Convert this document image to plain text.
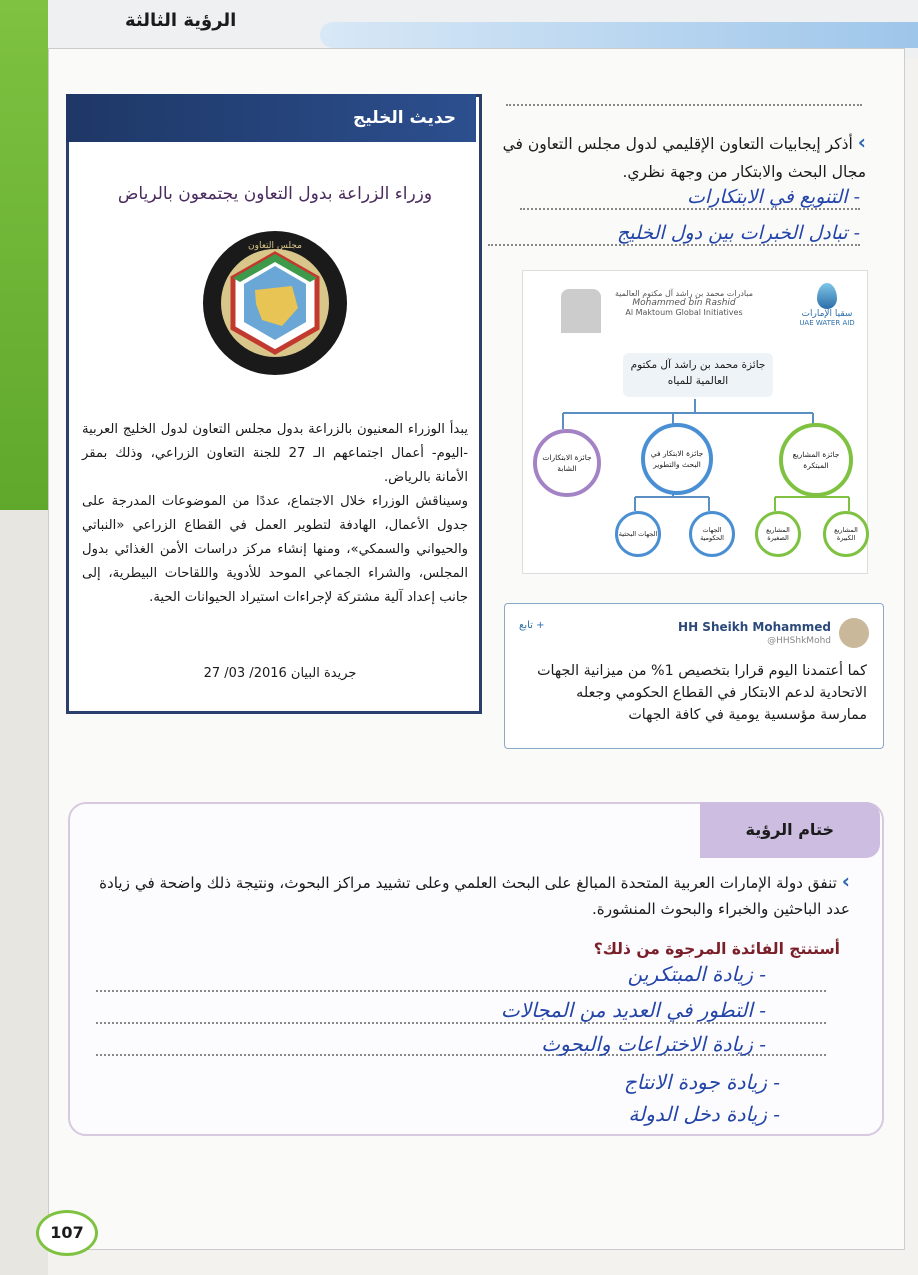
الرؤية الثالثة
حديث الخليج
وزراء الزراعة بدول التعاون يجتمعون بالرياض
مجلس التعاون
يبدأ الوزراء المعنيون بالزراعة بدول مجلس التعاون لدول الخليج العربية -اليوم- أعمال اجتماعهم الـ 27 للجنة التعاون الزراعي، وذلك بمقر الأمانة بالرياض.
وسيناقش الوزراء خلال الاجتماع، عددًا من الموضوعات المدرجة على جدول الأعمال، الهادفة لتطوير العمل في القطاع الزراعي «النباتي والحيواني والسمكي»، ومنها إنشاء مركز دراسات الأمن الغذائي بدول المجلس، والشراء الجماعي الموحد للأدوية واللقاحات البيطرية، إلى جانب إعداد آلية مشتركة لإجراءات استيراد الحيوانات الحية.
جريدة البيان 2016/ 03/ 27
› أذكر إيجابيات التعاون الإقليمي لدول مجلس التعاون في مجال البحث والابتكار من وجهة نظري.
- التنويع في الابتكارات
- تبادل الخبرات بين دول الخليج
سقيا الإمارات
UAE WATER AID
مبادرات محمد بن راشد آل مكتوم العالمية
Mohammed bin Rashid
Al Maktoum Global Initiatives
جائزة محمد بن راشد آل مكتوم العالمية للمياه
جائزة الابتكارات الشابة
جائزة الابتكار في البحث والتطوير
جائزة المشاريع المبتكرة
الجهات البحثية	الجهات الحكومية
المشاريع الصغيرة
المشاريع الكبيرة
HH Sheikh Mohammed
@HHShkMohd
تابع +
كما أعتمدنا اليوم قرارا بتخصيص 1% من ميزانية الجهات الاتحادية لدعم الابتكار في القطاع الحكومي وجعله ممارسة مؤسسية يومية في كافة الجهات
ختام الرؤية
› تنفق دولة الإمارات العربية المتحدة المبالغ على البحث العلمي وعلى تشييد مراكز البحوث، ونتيجة ذلك واضحة في زيادة عدد الباحثين والخبراء والبحوث المنشورة.
أستنتج الفائدة المرجوة من ذلك؟
- زيادة المبتكرين
- التطور في العديد من المجالات
- زيادة الاختراعات والبحوث
- زيادة جودة الانتاج
- زيادة دخل الدولة
107
